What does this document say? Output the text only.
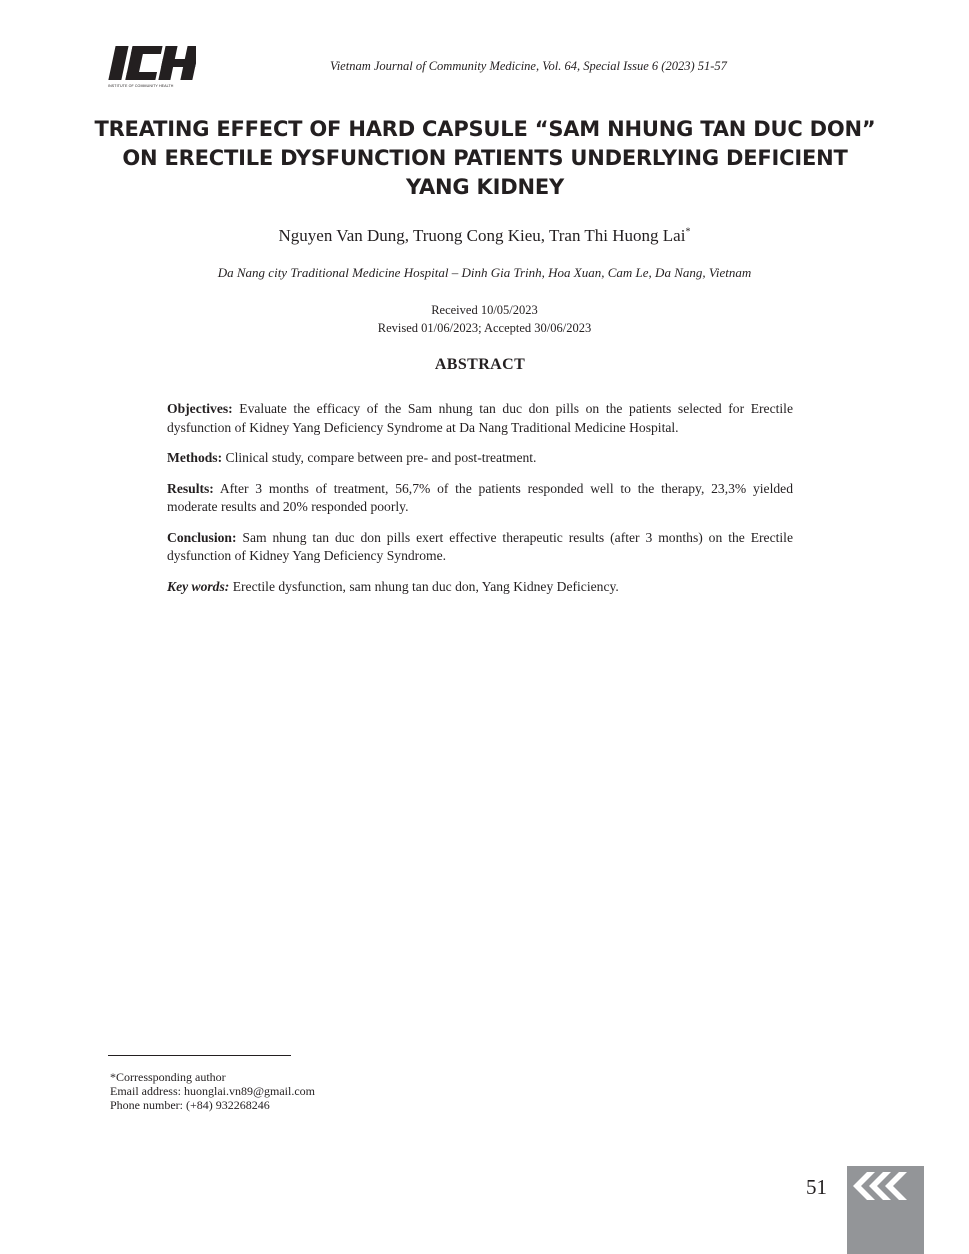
INSTITUTE OF COMMUNITY HEALTH
Vietnam Journal of Community Medicine, Vol. 64, Special Issue 6 (2023) 51-57
TREATING EFFECT OF HARD CAPSULE “SAM NHUNG TAN DUC DON”
ON ERECTILE DYSFUNCTION PATIENTS UNDERLYING DEFICIENT
YANG KIDNEY
Nguyen Van Dung, Truong Cong Kieu, Tran Thi Huong Lai*
Da Nang city Traditional Medicine Hospital – Dinh Gia Trinh, Hoa Xuan, Cam Le, Da Nang, Vietnam
Received 10/05/2023
Revised 01/06/2023; Accepted 30/06/2023
ABSTRACT

Objectives: Evaluate the efficacy of the Sam nhung tan duc don pills on the patients selected for Erectile dysfunction of Kidney Yang Deficiency Syndrome at Da Nang Traditional Medicine Hospital.

Methods: Clinical study, compare between pre- and post-treatment.

Results: After 3 months of treatment, 56,7% of the patients responded well to the therapy, 23,3% yielded moderate results and 20% responded poorly.

Conclusion: Sam nhung tan duc don pills exert effective therapeutic results (after 3 months) on the Erectile dysfunction of Kidney Yang Deficiency Syndrome.

Key words: Erectile dysfunction, sam nhung tan duc don, Yang Kidney Deficiency.

*Corressponding author
Email address: huonglai.vn89@gmail.com
Phone number: (+84) 932268246
51
